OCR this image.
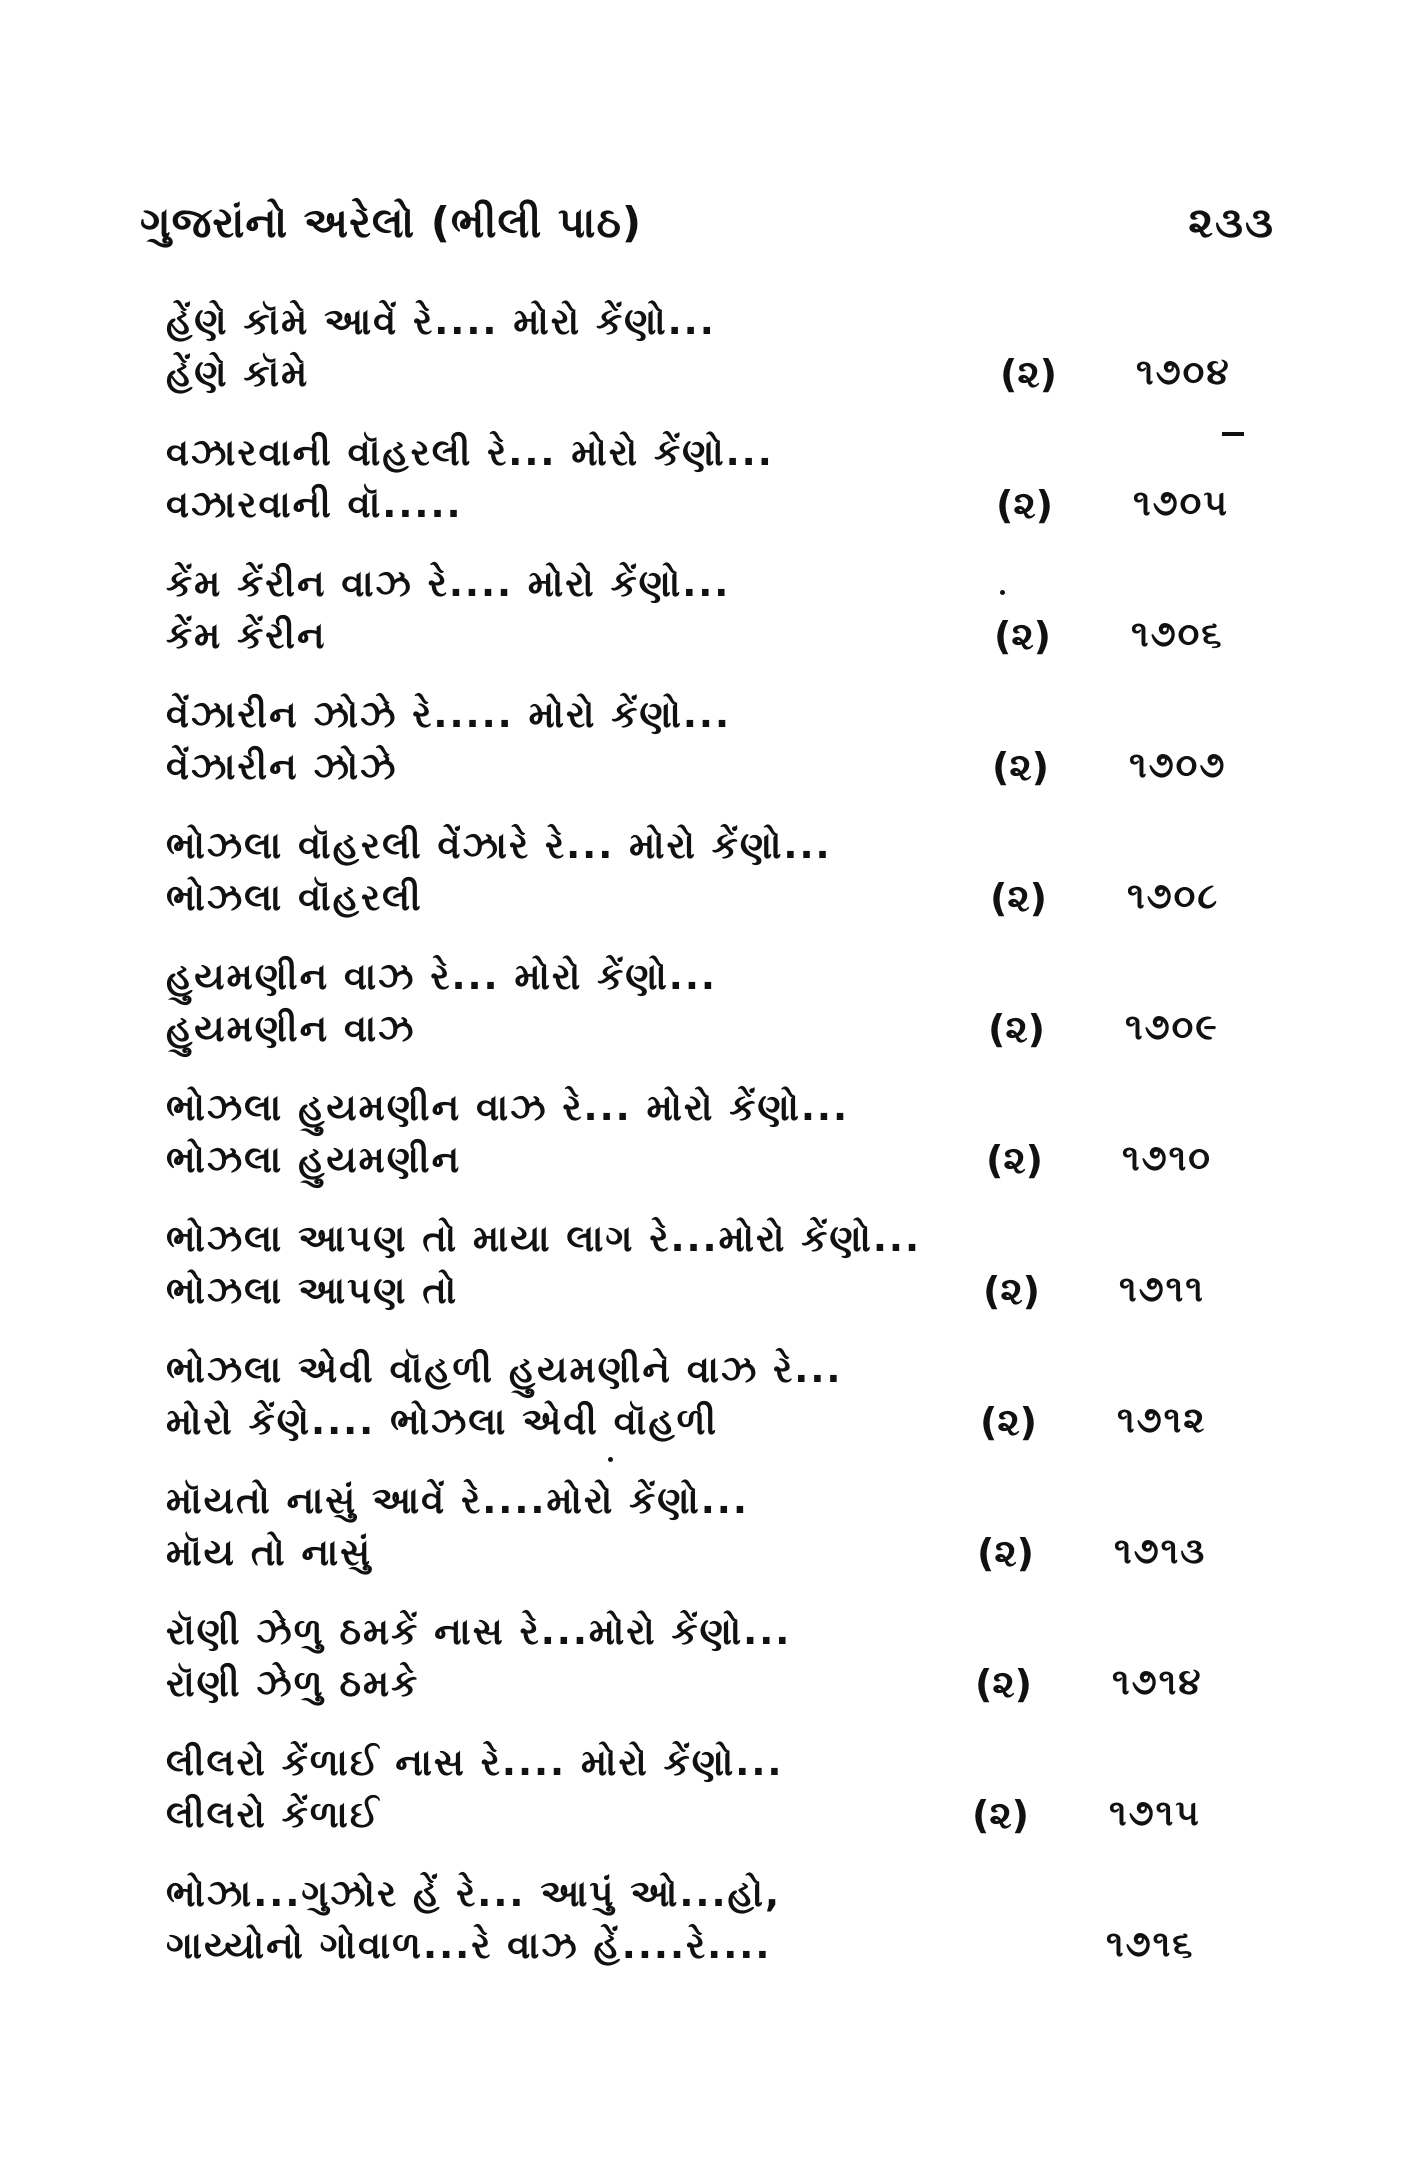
ગુજરાંનો અરેલો (ભીલી પાઠ)	૨૩૩
હેંણે કૉમે આવેં રે.... મોરો કેંણો...
હેંણે કૉમે	(૨) ૧૭૦૪
વઝારવાની વૉહરલી રે... મોરો કેંણો...
વઝારવાની વૉ.....	(૨) ૧૭૦૫
કેંમ કેંરીન વાઝ રે.... મોરો કેંણો...
કેંમ કેંરીન	(૨) ૧૭૦૬
વેંઝારીન ઝોઝે રે..... મોરો કેંણો...
વેંઝારીન ઝોઝે	(૨) ૧૭૦૭
ભોઝલા વૉહરલી વેંઝારે રે... મોરો કેંણો...
ભોઝલા વૉહરલી	(૨) ૧૭૦૮
હુયમણીન વાઝ રે... મોરો કેંણો...
હુયમણીન વાઝ	(૨) ૧૭૦૯
ભોઝલા હુયમણીન વાઝ રે... મોરો કેંણો...
ભોઝલા હુયમણીન	(૨) ૧૭૧૦
ભોઝલા આપણ તો માયા લાગ રે...મોરો કેંણો...
ભોઝલા આપણ તો	(૨) ૧૭૧૧
ભોઝલા એવી વૉહળી હુયમણીને વાઝ રે...
મોરો કેંણે.... ભોઝલા એવી વૉહળી	(૨) ૧૭૧૨
મૉયતો નાસું આવેં રે....મોરો કેંણો...
મૉય તો નાસું	(૨) ૧૭૧૩
રૉણી ઝેળુ ઠમકેં નાસ રે...મોરો કેંણો...
રૉણી ઝેળુ ઠમકે	(૨) ૧૭૧૪
લીલરો કેંળાઈ નાસ રે.... મોરો કેંણો...
લીલરો કેંળાઈ	(૨) ૧૭૧૫
ભોઝા...ગુઝોર હેં રે... આપું ઓ...હો,
ગાય્યોનો ગોવાળ...રે વાઝ હેં....રે....	૧૭૧૬
